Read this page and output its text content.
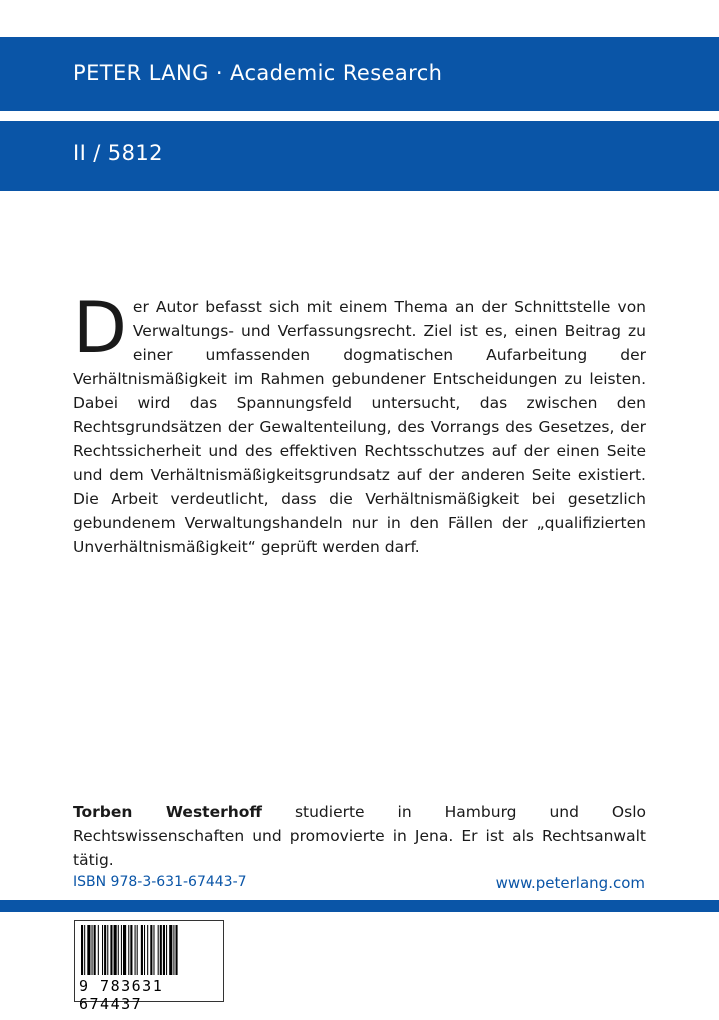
PETER LANG · Academic Research
II / 5812
D er Autor befasst sich mit einem Thema an der Schnittstelle von Verwaltungs- und Verfassungsrecht. Ziel ist es, einen Beitrag zu einer umfassenden dogmatischen Aufarbeitung der Verhältnismäßigkeit im Rahmen gebundener Entscheidungen zu leisten. Dabei wird das Spannungsfeld untersucht, das zwischen den Rechtsgrundsätzen der Gewaltenteilung, des Vorrangs des Gesetzes, der Rechtssicherheit und des effektiven Rechtsschutzes auf der einen Seite und dem Verhältnismäßigkeitsgrundsatz auf der anderen Seite existiert. Die Arbeit verdeutlicht, dass die Verhältnismäßigkeit bei gesetzlich gebundenem Verwaltungshandeln nur in den Fällen der „qualifizierten Unverhältnismäßigkeit“ geprüft werden darf.

Torben Westerhoff studierte in Hamburg und Oslo Rechtswissenschaften und promovierte in Jena. Er ist als Rechtsanwalt tätig.
ISBN 978-3-631-67443-7	www.peterlang.com
9 783631 674437
